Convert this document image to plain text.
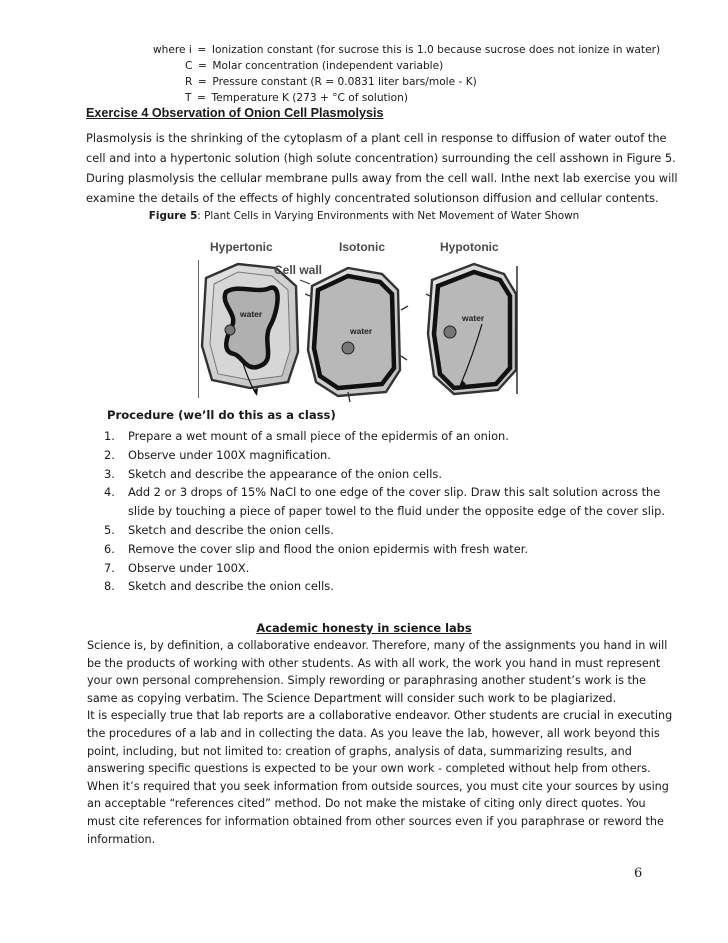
where i = Ionization constant (for sucrose this is 1.0 because sucrose does not ionize in water)
C = Molar concentration (independent variable)
R = Pressure constant (R = 0.0831 liter bars/mole - K)
T = Temperature K (273 + °C of solution)
Exercise 4 Observation of Onion Cell Plasmolysis
Plasmolysis is the shrinking of the cytoplasm of a plant cell in response to diffusion of water outof the
cell and into a hypertonic solution (high solute concentration) surrounding the cell asshown in Figure 5.
During plasmolysis the cellular membrane pulls away from the cell wall. Inthe next lab exercise you will
examine the details of the effects of highly concentrated solutionson diffusion and cellular contents.
Figure 5: Plant Cells in Varying Environments with Net Movement of Water Shown
Hypertonic	Isotonic	Hypotonic
Cell wall
water
water
water
Procedure (we’ll do this as a class)
1. Prepare a wet mount of a small piece of the epidermis of an onion.
2. Observe under 100X magnification.
3. Sketch and describe the appearance of the onion cells.
4. Add 2 or 3 drops of 15% NaCl to one edge of the cover slip. Draw this salt solution across the
slide by touching a piece of paper towel to the fluid under the opposite edge of the cover slip.
5. Sketch and describe the onion cells.
6. Remove the cover slip and flood the onion epidermis with fresh water.
7. Observe under 100X.
8. Sketch and describe the onion cells.
Academic honesty in science labs
Science is, by definition, a collaborative endeavor. Therefore, many of the assignments you hand in will
be the products of working with other students. As with all work, the work you hand in must represent
your own personal comprehension. Simply rewording or paraphrasing another student’s work is the
same as copying verbatim. The Science Department will consider such work to be plagiarized.
It is especially true that lab reports are a collaborative endeavor. Other students are crucial in executing
the procedures of a lab and in collecting the data. As you leave the lab, however, all work beyond this
point, including, but not limited to: creation of graphs, analysis of data, summarizing results, and
answering specific questions is expected to be your own work - completed without help from others.
When it’s required that you seek information from outside sources, you must cite your sources by using
an acceptable “references cited” method. Do not make the mistake of citing only direct quotes. You
must cite references for information obtained from other sources even if you paraphrase or reword the
information.
6
